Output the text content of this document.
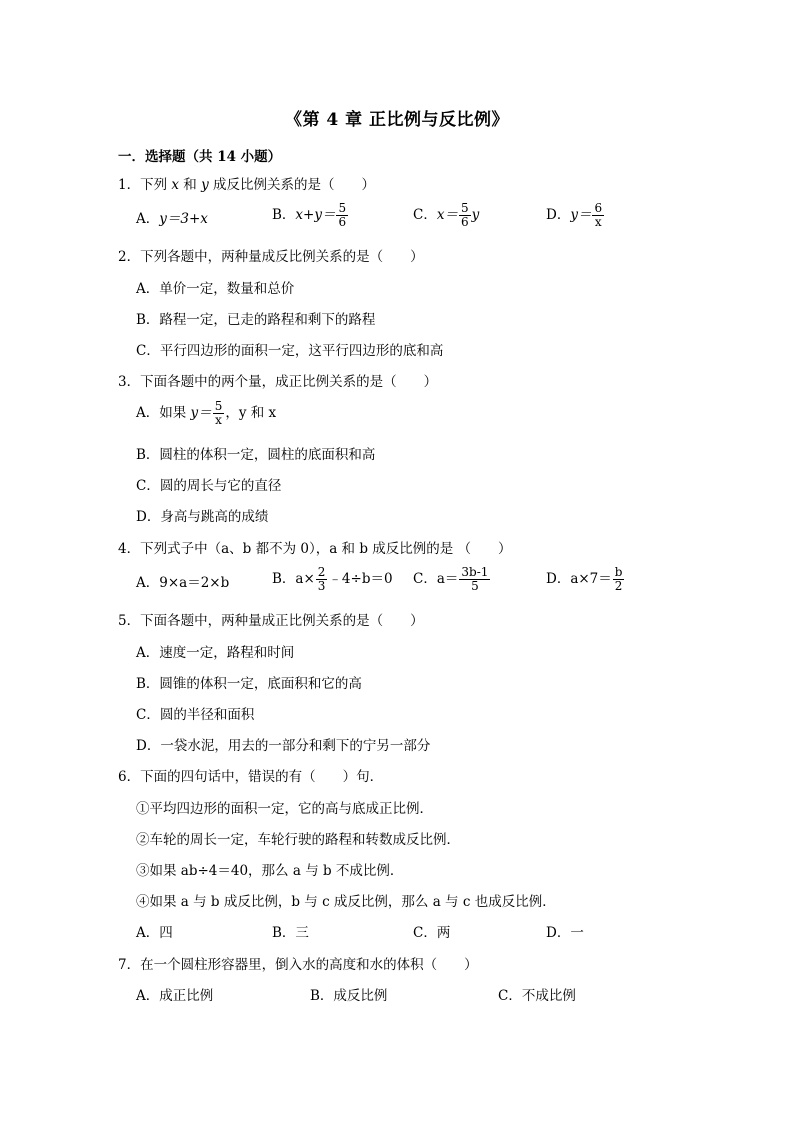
《第 4 章 正比例与反比例》
一．选择题（共 14 小题）
1．下列 x 和 y 成反比例关系的是（　　）
A．y＝3+x	B．$x+y= \frac{5}{6}$	C．$x= \frac{5}{6}$ y	D．$y= \frac{6}{x}$
2．下列各题中，两种量成反比例关系的是（　　）
A．单价一定，数量和总价
B．路程一定，已走的路程和剩下的路程
C．平行四边形的面积一定，这平行四边形的底和高
3．下面各题中的两个量，成正比例关系的是（　　）
A．如果 $y= \frac{5}{x}$ ，y 和 x
B．圆柱的体积一定，圆柱的底面积和高
C．圆的周长与它的直径
D．身高与跳高的成绩
4．下列式子中（a、b 都不为 0），a 和 b 成反比例的是 （　　）
A．9×a＝2×b	B．$a\times \frac{2}{3}$ ﹣4÷b＝0 C．$a= \frac{3b-1}{5}$	D．$a\times 7= \frac{b}{2}$
5．下面各题中，两种量成正比例关系的是（　　）
A．速度一定，路程和时间
B．圆锥的体积一定，底面积和它的高
C．圆的半径和面积
D．一袋水泥，用去的一部分和剩下的宁另一部分
6．下面的四句话中，错误的有（　　）句．
①平均四边形的面积一定，它的高与底成正比例．
②车轮的周长一定，车轮行驶的路程和转数成反比例．
③如果 ab÷4＝40，那么 a 与 b 不成比例．
④如果 a 与 b 成反比例，b 与 c 成反比例，那么 a 与 c 也成反比例．
A．四	B．三	C．两	D．一
7．在一个圆柱形容器里，倒入水的高度和水的体积（　　）
A．成正比例	B．成反比例	C．不成比例
